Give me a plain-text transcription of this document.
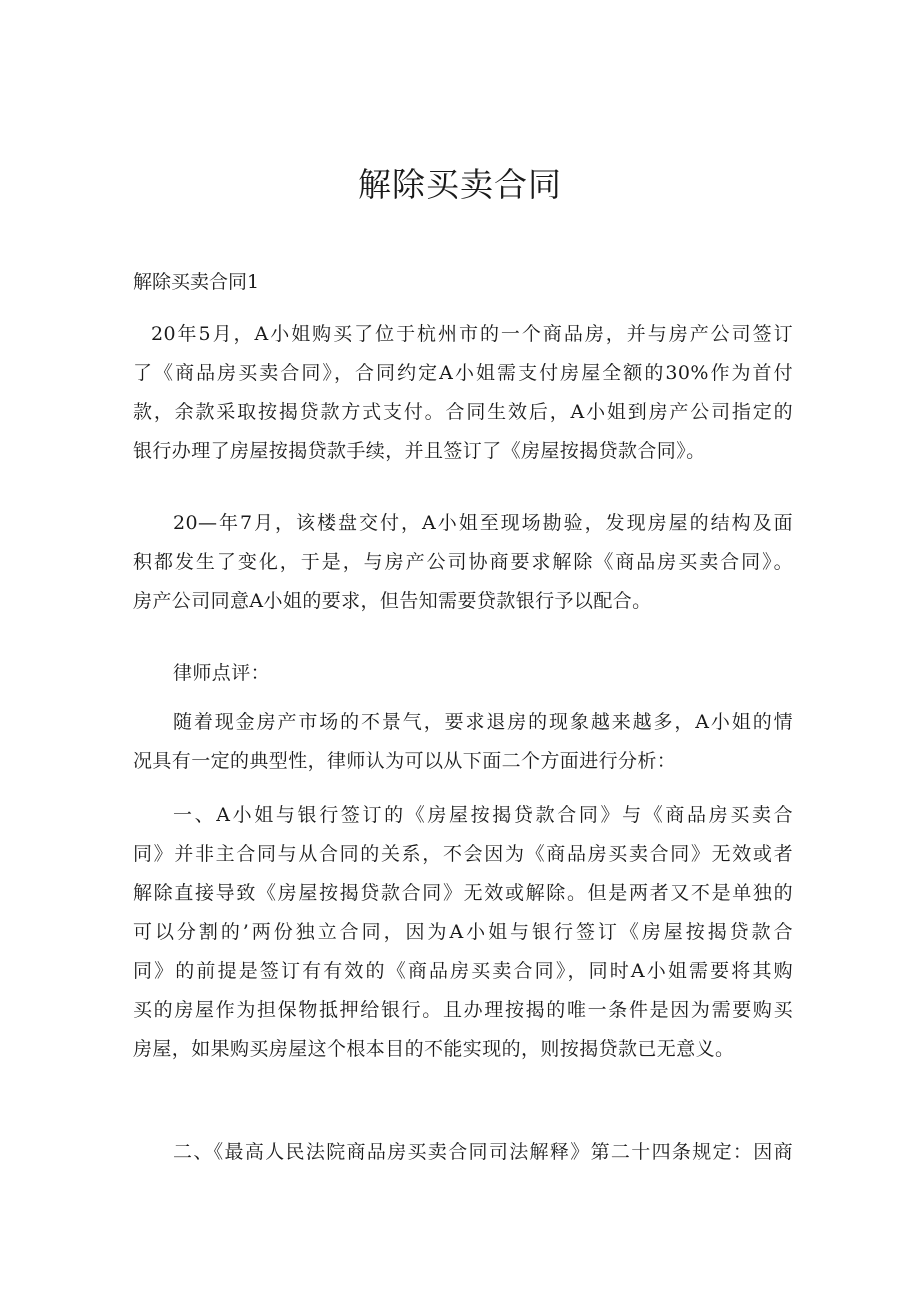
解除买卖合同

解除买卖合同1

20年5月，A小姐购买了位于杭州市的一个商品房，并与房产公司签订
了《商品房买卖合同》，合同约定A小姐需支付房屋全额的30%作为首付
款，余款采取按揭贷款方式支付。合同生效后，A小姐到房产公司指定的
银行办理了房屋按揭贷款手续，并且签订了《房屋按揭贷款合同》。
20—年7月，该楼盘交付，A小姐至现场勘验，发现房屋的结构及面
积都发生了变化，于是，与房产公司协商要求解除《商品房买卖合同》。
房产公司同意A小姐的要求，但告知需要贷款银行予以配合。
律师点评：
随着现金房产市场的不景气，要求退房的现象越来越多，A小姐的情
况具有一定的典型性，律师认为可以从下面二个方面进行分析：
一、A小姐与银行签订的《房屋按揭贷款合同》与《商品房买卖合
同》并非主合同与从合同的关系，不会因为《商品房买卖合同》无效或者
解除直接导致《房屋按揭贷款合同》无效或解除。但是两者又不是单独的
可以分割的’两份独立合同，因为A小姐与银行签订《房屋按揭贷款合
同》的前提是签订有有效的《商品房买卖合同》，同时A小姐需要将其购
买的房屋作为担保物抵押给银行。且办理按揭的唯一条件是因为需要购买
房屋，如果购买房屋这个根本目的不能实现的，则按揭贷款已无意义。
二、《最高人民法院商品房买卖合同司法解释》第二十四条规定：因商
